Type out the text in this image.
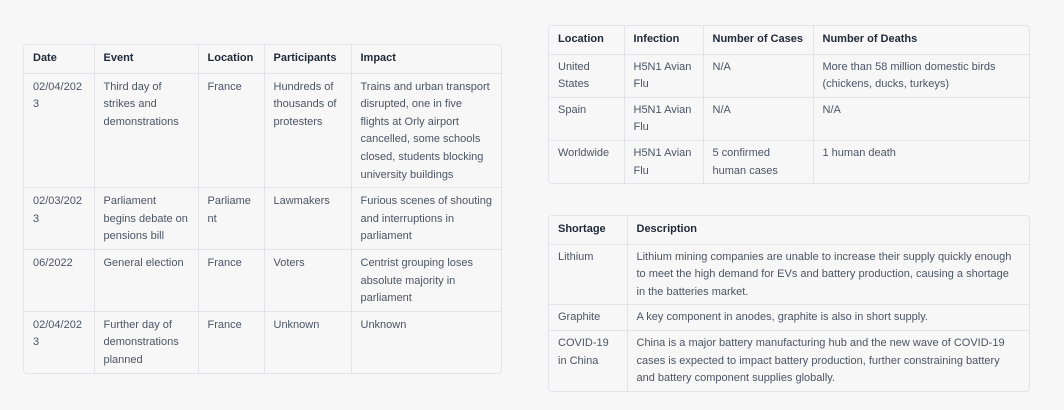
Date	Event	Location	Participants	Impact
02/04/2023	Third day of strikes and demonstrations	France	Hundreds of thousands of protesters	Trains and urban transport disrupted, one in five flights at Orly airport cancelled, some schools closed, students blocking university buildings
02/03/2023	Parliament begins debate on pensions bill	Parliament	Lawmakers	Furious scenes of shouting and interruptions in parliament
06/2022	General election	France	Voters	Centrist grouping loses absolute majority in parliament
02/04/2023	Further day of demonstrations planned	France	Unknown	Unknown
Location	Infection	Number of Cases	Number of Deaths
United States	H5N1 Avian Flu	N/A	More than 58 million domestic birds (chickens, ducks, turkeys)
Spain	H5N1 Avian Flu	N/A	N/A
Worldwide	H5N1 Avian Flu	5 confirmed human cases	1 human death
Shortage	Description
Lithium	Lithium mining companies are unable to increase their supply quickly enough to meet the high demand for EVs and battery production, causing a shortage in the batteries market.
Graphite	A key component in anodes, graphite is also in short supply.
COVID-19 in China	China is a major battery manufacturing hub and the new wave of COVID-19 cases is expected to impact battery production, further constraining battery and battery component supplies globally.
